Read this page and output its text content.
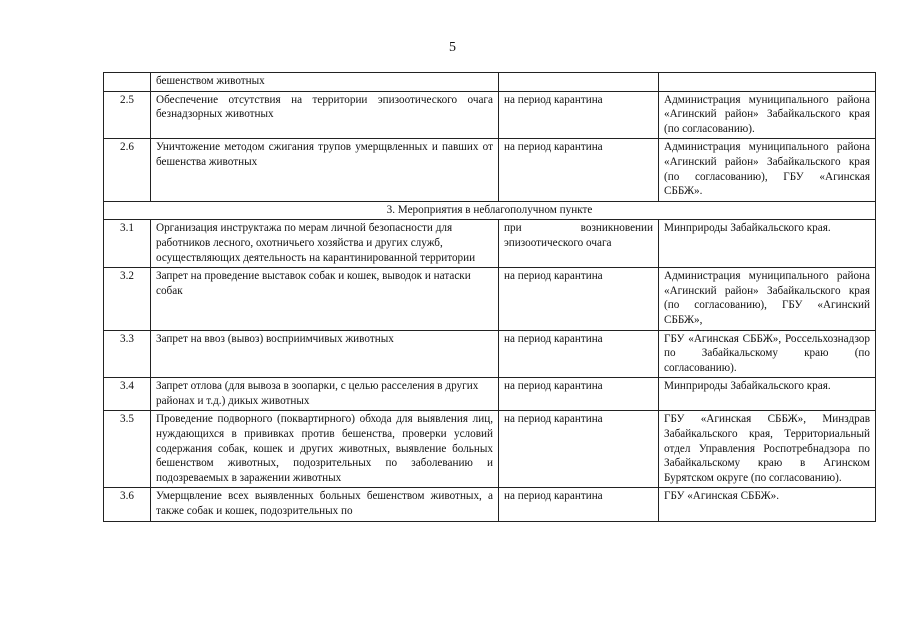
5
	бешенством животных		
2.5	Обеспечение отсутствия на территории эпизоотического очага безнадзорных животных	на период карантина	Администрация муниципального района «Агинский район» Забайкальского края (по согласованию).
2.6	Уничтожение методом сжигания трупов умерщвленных и павших от бешенства животных	на период карантина	Администрация муниципального района «Агинский район» Забайкальского края (по согласованию), ГБУ «Агинская СББЖ».
3. Мероприятия в неблагополучном пункте			
3.1	Организация инструктажа по мерам личной безопасности для работников лесного, охотничьего хозяйства и других служб, осуществляющих деятельность на карантинированной территории	при возникновении эпизоотического очага	Минприроды Забайкальского края.
3.2	Запрет на проведение выставок собак и кошек, выводок и натаски собак	на период карантина	Администрация муниципального района «Агинский район» Забайкальского края (по согласованию), ГБУ «Агинский СББЖ»,
3.3	Запрет на ввоз (вывоз) восприимчивых животных	на период карантина	ГБУ «Агинская СББЖ», Россельхознадзор по Забайкальскому краю (по согласованию).
3.4	Запрет отлова (для вывоза в зоопарки, с целью расселения в других районах и т.д.) дикых животных	на период карантина	Минприроды Забайкальского края.
3.5	Проведение подворного (поквартирного) обхода для выявления лиц, нуждающихся в прививках против бешенства, проверки условий содержания собак, кошек и других животных, выявление больных бешенством животных, подозрительных по заболеванию и подозреваемых в заражении животных	на период карантина	ГБУ «Агинская СББЖ», Минздрав Забайкальского края, Территориальный отдел Управления Роспотребнадзора по Забайкальскому краю в Агинском Бурятском округе (по согласованию).
3.6	Умерщвление всех выявленных больных бешенством животных, а также собак и кошек, подозрительных по	на период карантина	ГБУ «Агинская СББЖ».
